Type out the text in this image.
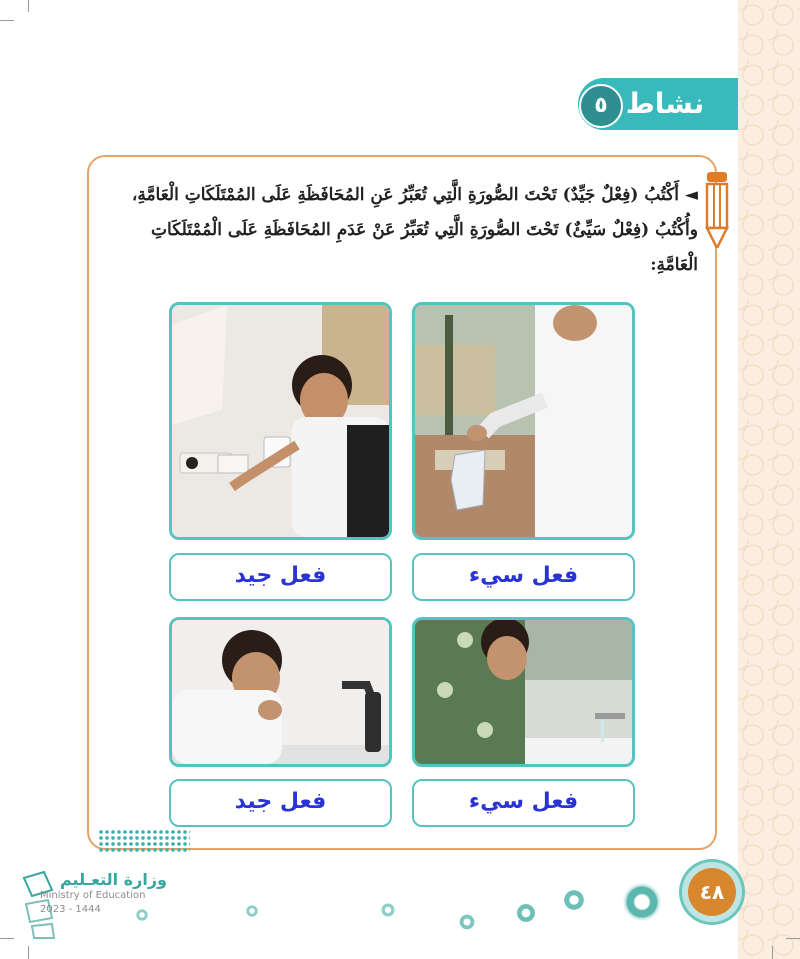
نشاط
٥
◄ أَكْتُبُ (فِعْلٌ جَيِّدٌ) تَحْتَ الصُّورَةِ الَّتِي تُعَبِّرُ عَنِ المُحَافَظَةِ عَلَى المُمْتَلَكَاتِ الْعَامَّةِ، وأُكْتُبُ (فِعْلٌ سَيِّئٌ) تَحْتَ الصُّورَةِ الَّتِي تُعَبِّرُ عَنْ عَدَمِ المُحَافَظَةِ عَلَى الْمُمْتَلَكَاتِ الْعَامَّةِ:
فعل جيد	فعل سيء
فعل جيد	فعل سيء
وزارة التعـليم
Ministry of Education
2023 - 1444
٤٨
